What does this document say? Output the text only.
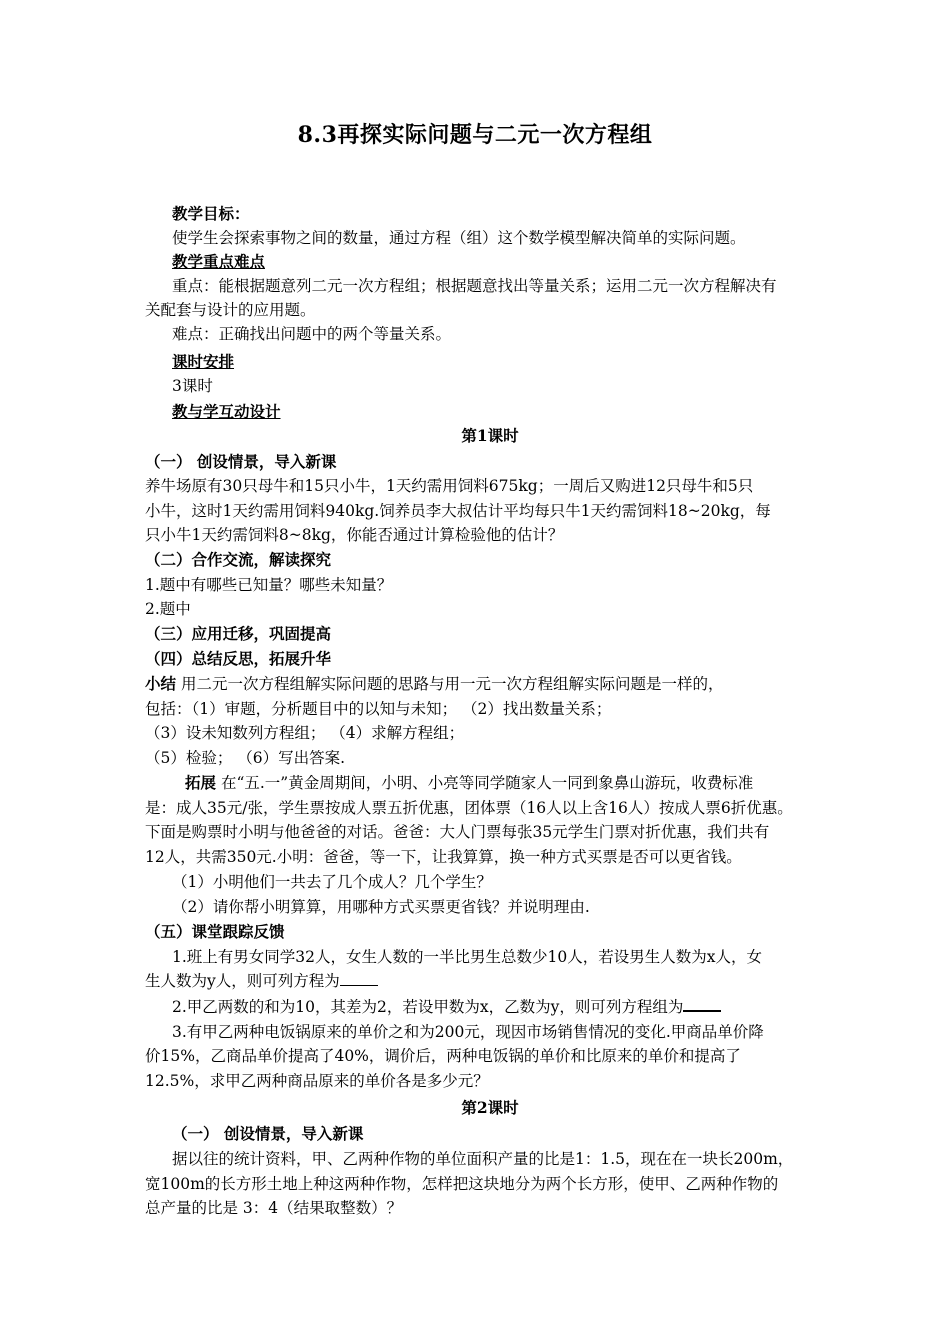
8.3再探实际问题与二元一次方程组
教学目标：
使学生会探索事物之间的数量，通过方程（组）这个数学模型解决简单的实际问题。
教学重点难点
重点：能根据题意列二元一次方程组；根据题意找出等量关系；运用二元一次方程解决有
关配套与设计的应用题。
难点：正确找出问题中的两个等量关系。
课时安排
3课时
教与学互动设计
第1课时
（一） 创设情景，导入新课
养牛场原有30只母牛和15只小牛，1天约需用饲料675kg；一周后又购进12只母牛和5只
小牛，这时1天约需用饲料940kg.饲养员李大叔估计平均每只牛1天约需饲料18~20kg，每
只小牛1天约需饲料8~8kg，你能否通过计算检验他的估计？
（二）合作交流，解读探究
1.题中有哪些已知量？哪些未知量？
2.题中
（三）应用迁移，巩固提高
（四）总结反思，拓展升华
小结 用二元一次方程组解实际问题的思路与用一元一次方程组解实际问题是一样的，
包括：（1）审题，分析题目中的以知与未知； （2）找出数量关系；
（3）设未知数列方程组； （4）求解方程组；
（5）检验； （6）写出答案.
拓展 在“五.一”黄金周期间，小明、小亮等同学随家人一同到象鼻山游玩，收费标准
是：成人35元/张，学生票按成人票五折优惠，团体票（16人以上含16人）按成人票6折优惠。
下面是购票时小明与他爸爸的对话。爸爸：大人门票每张35元学生门票对折优惠，我们共有
12人，共需350元.小明：爸爸，等一下，让我算算，换一种方式买票是否可以更省钱。
（1）小明他们一共去了几个成人？几个学生？
（2）请你帮小明算算，用哪种方式买票更省钱？并说明理由.
（五）课堂跟踪反馈
1.班上有男女同学32人，女生人数的一半比男生总数少10人，若设男生人数为x人，女
生人数为y人，则可列方程为
2.甲乙两数的和为10，其差为2，若设甲数为x，乙数为y，则可列方程组为
3.有甲乙两种电饭锅原来的单价之和为200元，现因市场销售情况的变化.甲商品单价降
价15%，乙商品单价提高了40%，调价后，两种电饭锅的单价和比原来的单价和提高了
12.5%，求甲乙两种商品原来的单价各是多少元？
第2课时
（一） 创设情景，导入新课
据以往的统计资料，甲、乙两种作物的单位面积产量的比是1：1.5，现在在一块长200m，
宽100m的长方形土地上种这两种作物，怎样把这块地分为两个长方形，使甲、乙两种作物的
总产量的比是 3：4（结果取整数）？
